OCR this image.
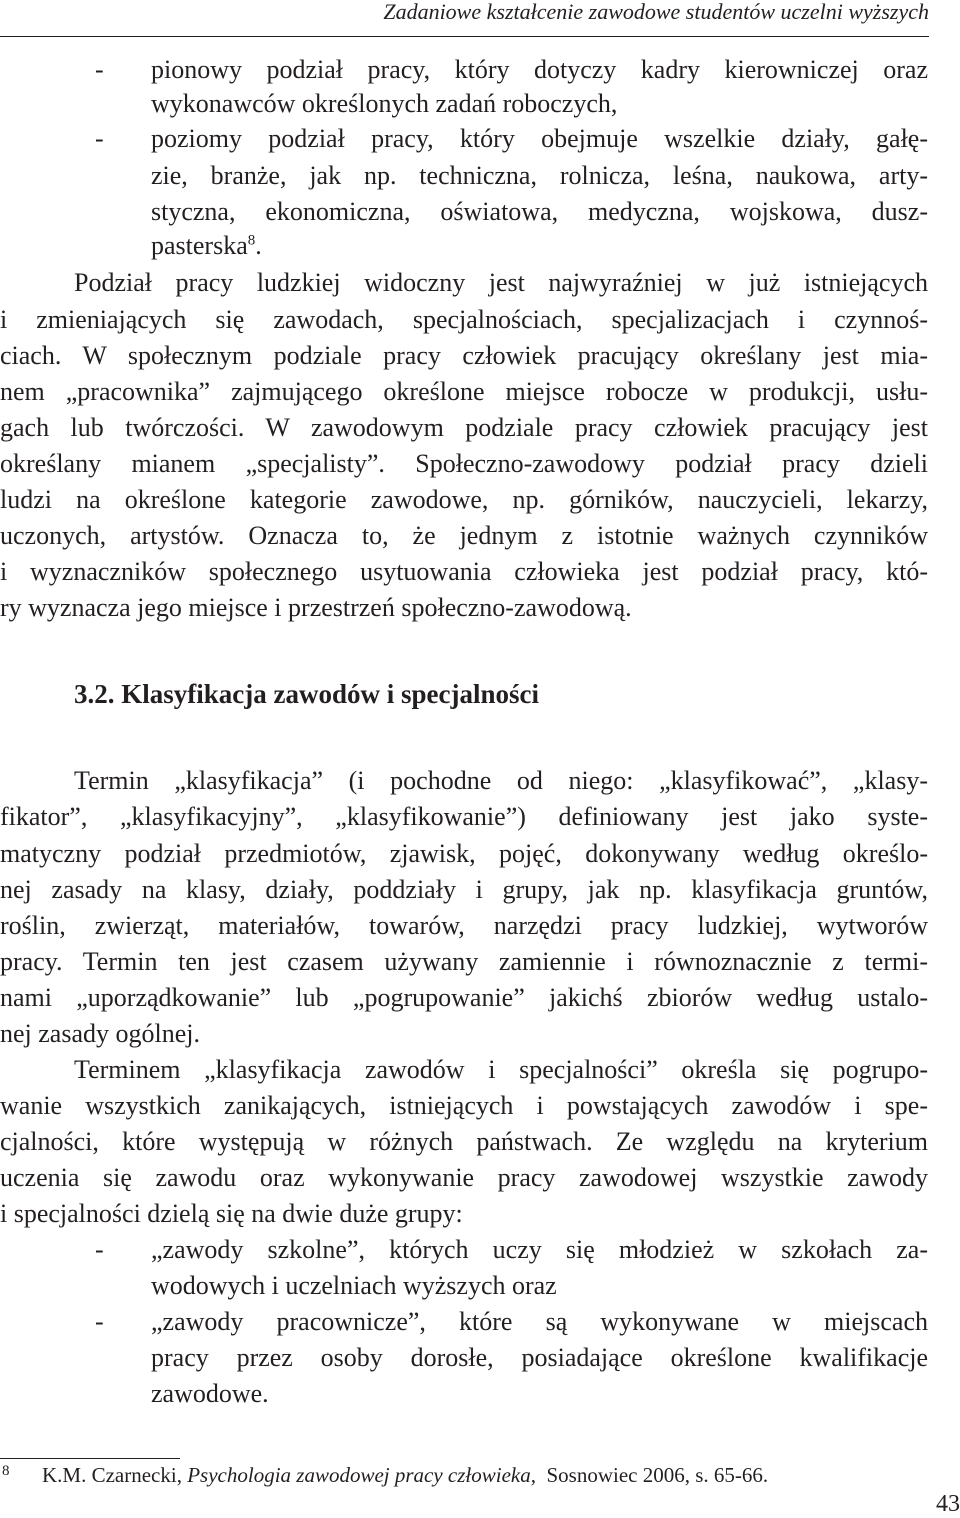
Zadaniowe kształcenie zawodowe studentów uczelni wyższych
- pionowy podział pracy, który dotyczy kadry kierowniczej oraz
wykonawców określonych zadań roboczych,
- poziomy podział pracy, który obejmuje wszelkie działy, gałę-
zie, branże, jak np. techniczna, rolnicza, leśna, naukowa, arty-
styczna, ekonomiczna, oświatowa, medyczna, wojskowa, dusz-
pasterska$^8$.
Podział pracy ludzkiej widoczny jest najwyraźniej w już istniejących
i zmieniających się zawodach, specjalnościach, specjalizacjach i czynnoś-
ciach. W społecznym podziale pracy człowiek pracujący określany jest mia-
nem „pracownika” zajmującego określone miejsce robocze w produkcji, usłu-
gach lub twórczości. W zawodowym podziale pracy człowiek pracujący jest
określany mianem „specjalisty”. Społeczno-zawodowy podział pracy dzieli
ludzi na określone kategorie zawodowe, np. górników, nauczycieli, lekarzy,
uczonych, artystów. Oznacza to, że jednym z istotnie ważnych czynników
i wyznaczników społecznego usytuowania człowieka jest podział pracy, któ-
ry wyznacza jego miejsce i przestrzeń społeczno-zawodową.
3.2. Klasyfikacja zawodów i specjalności
Termin „klasyfikacja” (i pochodne od niego: „klasyfikować”, „klasy-
fikator”, „klasyfikacyjny”, „klasyfikowanie”) definiowany jest jako syste-
matyczny podział przedmiotów, zjawisk, pojęć, dokonywany według określo-
nej zasady na klasy, działy, poddziały i grupy, jak np. klasyfikacja gruntów,
roślin, zwierząt, materiałów, towarów, narzędzi pracy ludzkiej, wytworów
pracy. Termin ten jest czasem używany zamiennie i równoznacznie z termi-
nami „uporządkowanie” lub „pogrupowanie” jakichś zbiorów według ustalo-
nej zasady ogólnej.
Terminem „klasyfikacja zawodów i specjalności” określa się pogrupo-
wanie wszystkich zanikających, istniejących i powstających zawodów i spe-
cjalności, które występują w różnych państwach. Ze względu na kryterium
uczenia się zawodu oraz wykonywanie pracy zawodowej wszystkie zawody
i specjalności dzielą się na dwie duże grupy:
- „zawody szkolne”, których uczy się młodzież w szkołach za-
wodowych i uczelniach wyższych oraz
- „zawody pracownicze”, które są wykonywane w miejscach
pracy przez osoby dorosłe, posiadające określone kwalifikacje
zawodowe.
8 K.M. Czarnecki, Psychologia zawodowej pracy człowieka,  Sosnowiec 2006, s. 65-66.
43
